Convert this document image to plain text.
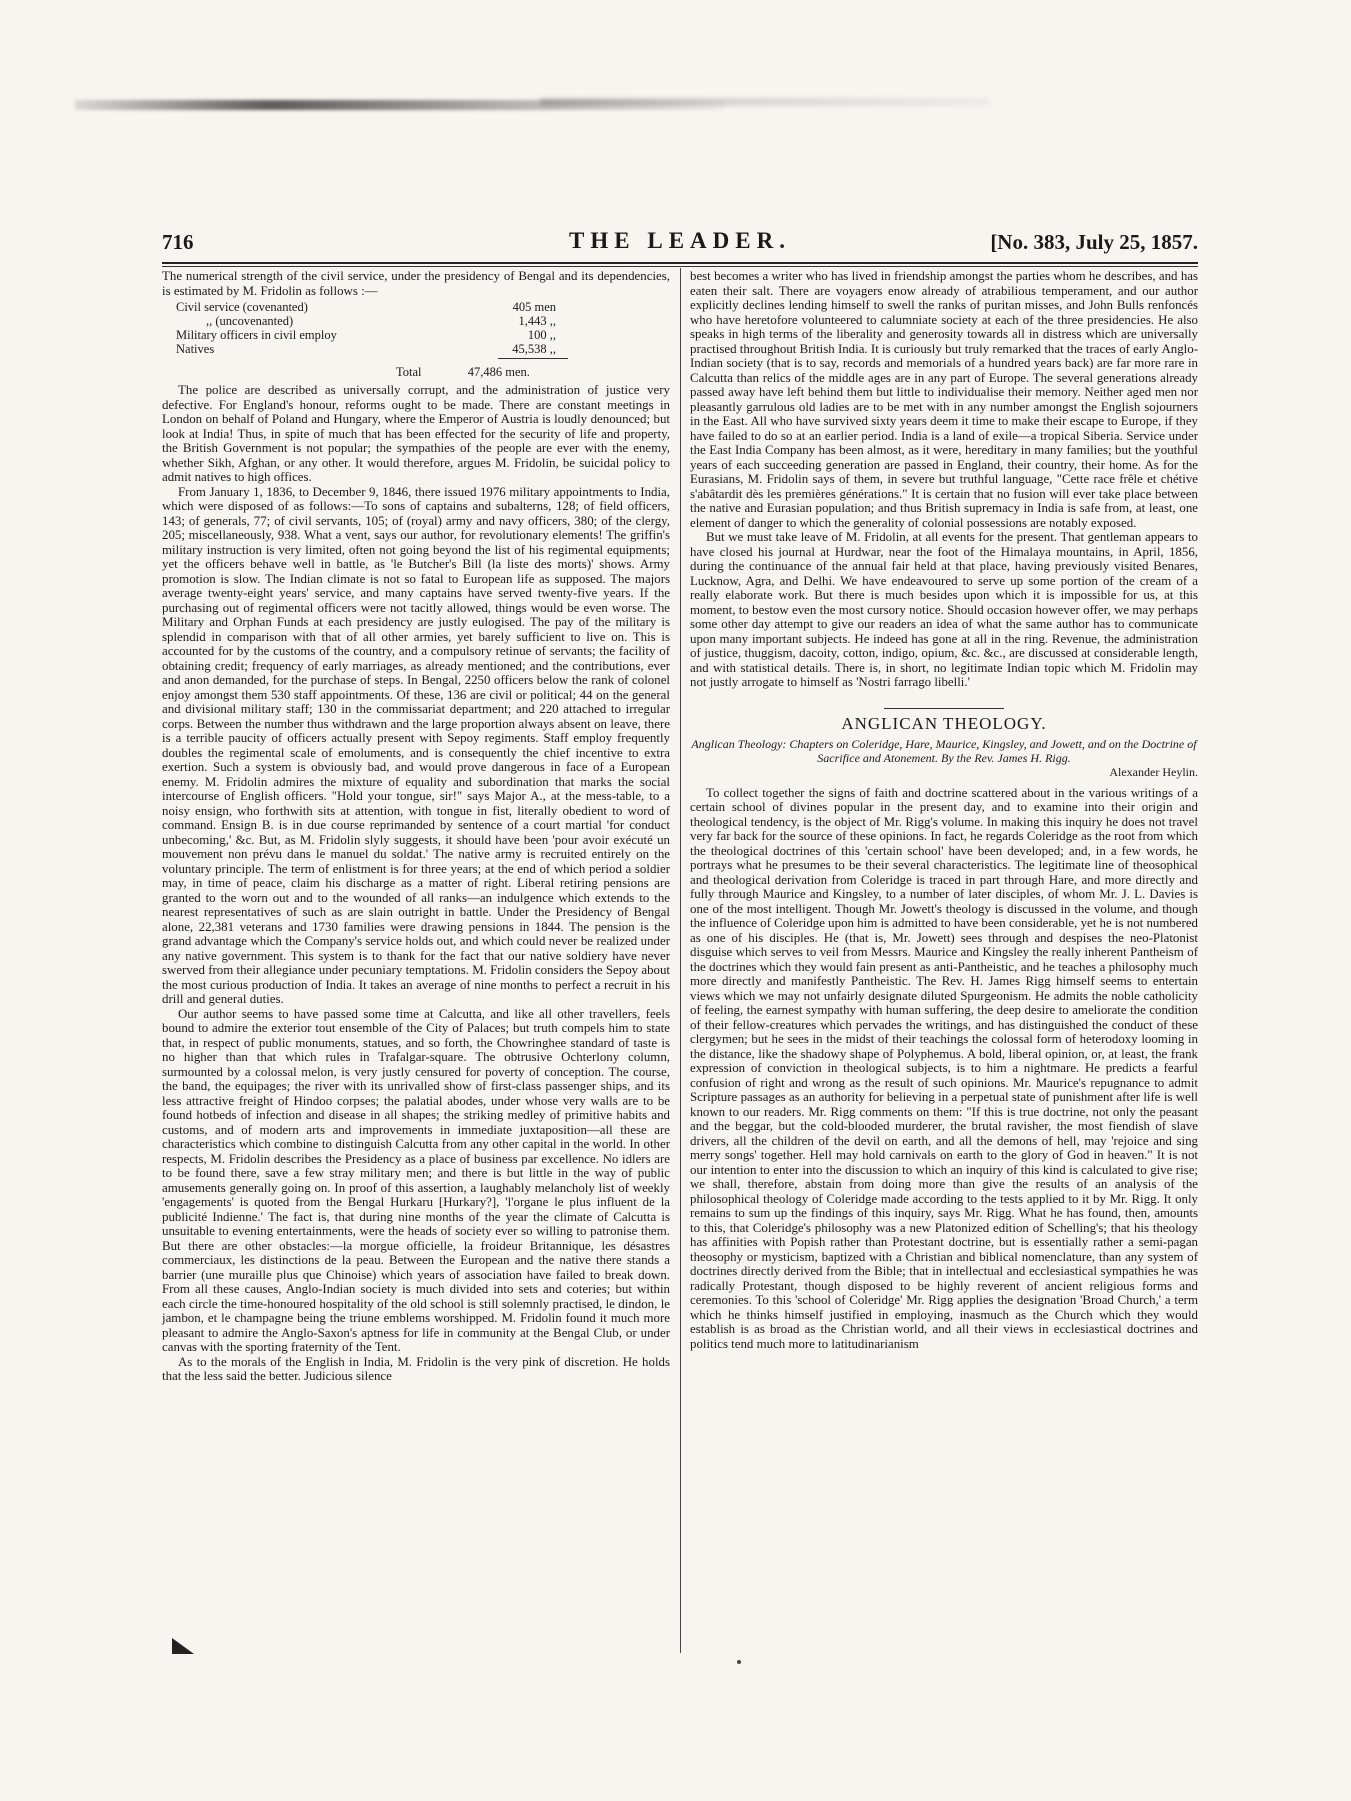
716	THE LEADER.	[No. 383, July 25, 1857.

The numerical strength of the civil service, under the presidency of Bengal and its dependencies, is estimated by M. Fridolin as follows :—

Civil service (covenanted)	405 men
,, (uncovenanted)	1,443 ,,
Military officers in civil employ	100 ,,
Natives	45,538 ,,
Total	47,486 men.

The police are described as universally corrupt, and the administration of justice very defective. For England's honour, reforms ought to be made. There are constant meetings in London on behalf of Poland and Hungary, where the Emperor of Austria is loudly denounced; but look at India! Thus, in spite of much that has been effected for the security of life and property, the British Government is not popular; the sympathies of the people are ever with the enemy, whether Sikh, Afghan, or any other. It would therefore, argues M. Fridolin, be suicidal policy to admit natives to high offices.

From January 1, 1836, to December 9, 1846, there issued 1976 military appointments to India, which were disposed of as follows:—To sons of captains and subalterns, 128; of field officers, 143; of generals, 77; of civil servants, 105; of (royal) army and navy officers, 380; of the clergy, 205; miscellaneously, 938. What a vent, says our author, for revolutionary elements! The griffin's military instruction is very limited, often not going beyond the list of his regimental equipments; yet the officers behave well in battle, as 'le Butcher's Bill (la liste des morts)' shows. Army promotion is slow. The Indian climate is not so fatal to European life as supposed. The majors average twenty-eight years' service, and many captains have served twenty-five years. If the purchasing out of regimental officers were not tacitly allowed, things would be even worse. The Military and Orphan Funds at each presidency are justly eulogised. The pay of the military is splendid in comparison with that of all other armies, yet barely sufficient to live on. This is accounted for by the customs of the country, and a compulsory retinue of servants; the facility of obtaining credit; frequency of early marriages, as already mentioned; and the contributions, ever and anon demanded, for the purchase of steps. In Bengal, 2250 officers below the rank of colonel enjoy amongst them 530 staff appointments. Of these, 136 are civil or political; 44 on the general and divisional military staff; 130 in the commissariat department; and 220 attached to irregular corps. Between the number thus withdrawn and the large proportion always absent on leave, there is a terrible paucity of officers actually present with Sepoy regiments. Staff employ frequently doubles the regimental scale of emoluments, and is consequently the chief incentive to extra exertion. Such a system is obviously bad, and would prove dangerous in face of a European enemy. M. Fridolin admires the mixture of equality and subordination that marks the social intercourse of English officers. "Hold your tongue, sir!" says Major A., at the mess-table, to a noisy ensign, who forthwith sits at attention, with tongue in fist, literally obedient to word of command. Ensign B. is in due course reprimanded by sentence of a court martial 'for conduct unbecoming,' &c. But, as M. Fridolin slyly suggests, it should have been 'pour avoir exécuté un mouvement non prévu dans le manuel du soldat.' The native army is recruited entirely on the voluntary principle. The term of enlistment is for three years; at the end of which period a soldier may, in time of peace, claim his discharge as a matter of right. Liberal retiring pensions are granted to the worn out and to the wounded of all ranks—an indulgence which extends to the nearest representatives of such as are slain outright in battle. Under the Presidency of Bengal alone, 22,381 veterans and 1730 families were drawing pensions in 1844. The pension is the grand advantage which the Company's service holds out, and which could never be realized under any native government. This system is to thank for the fact that our native soldiery have never swerved from their allegiance under pecuniary temptations. M. Fridolin considers the Sepoy about the most curious production of India. It takes an average of nine months to perfect a recruit in his drill and general duties.

Our author seems to have passed some time at Calcutta, and like all other travellers, feels bound to admire the exterior tout ensemble of the City of Palaces; but truth compels him to state that, in respect of public monuments, statues, and so forth, the Chowringhee standard of taste is no higher than that which rules in Trafalgar-square. The obtrusive Ochterlony column, surmounted by a colossal melon, is very justly censured for poverty of conception. The course, the band, the equipages; the river with its unrivalled show of first-class passenger ships, and its less attractive freight of Hindoo corpses; the palatial abodes, under whose very walls are to be found hotbeds of infection and disease in all shapes; the striking medley of primitive habits and customs, and of modern arts and improvements in immediate juxtaposition—all these are characteristics which combine to distinguish Calcutta from any other capital in the world. In other respects, M. Fridolin describes the Presidency as a place of business par excellence. No idlers are to be found there, save a few stray military men; and there is but little in the way of public amusements generally going on. In proof of this assertion, a laughably melancholy list of weekly 'engagements' is quoted from the Bengal Hurkaru [Hurkary?], 'l'organe le plus influent de la publicité Indienne.' The fact is, that during nine months of the year the climate of Calcutta is unsuitable to evening entertainments, were the heads of society ever so willing to patronise them. But there are other obstacles:—la morgue officielle, la froideur Britannique, les désastres commerciaux, les distinctions de la peau. Between the European and the native there stands a barrier (une muraille plus que Chinoise) which years of association have failed to break down. From all these causes, Anglo-Indian society is much divided into sets and coteries; but within each circle the time-honoured hospitality of the old school is still solemnly practised, le dindon, le jambon, et le champagne being the triune emblems worshipped. M. Fridolin found it much more pleasant to admire the Anglo-Saxon's aptness for life in community at the Bengal Club, or under canvas with the sporting fraternity of the Tent.

As to the morals of the English in India, M. Fridolin is the very pink of discretion. He holds that the less said the better. Judicious silence

best becomes a writer who has lived in friendship amongst the parties whom he describes, and has eaten their salt. There are voyagers enow already of atrabilious temperament, and our author explicitly declines lending himself to swell the ranks of puritan misses, and John Bulls renfoncés who have heretofore volunteered to calumniate society at each of the three presidencies. He also speaks in high terms of the liberality and generosity towards all in distress which are universally practised throughout British India. It is curiously but truly remarked that the traces of early Anglo-Indian society (that is to say, records and memorials of a hundred years back) are far more rare in Calcutta than relics of the middle ages are in any part of Europe. The several generations already passed away have left behind them but little to individualise their memory. Neither aged men nor pleasantly garrulous old ladies are to be met with in any number amongst the English sojourners in the East. All who have survived sixty years deem it time to make their escape to Europe, if they have failed to do so at an earlier period. India is a land of exile—a tropical Siberia. Service under the East India Company has been almost, as it were, hereditary in many families; but the youthful years of each succeeding generation are passed in England, their country, their home. As for the Eurasians, M. Fridolin says of them, in severe but truthful language, "Cette race frêle et chétive s'abâtardit dès les premières générations." It is certain that no fusion will ever take place between the native and Eurasian population; and thus British supremacy in India is safe from, at least, one element of danger to which the generality of colonial possessions are notably exposed.

But we must take leave of M. Fridolin, at all events for the present. That gentleman appears to have closed his journal at Hurdwar, near the foot of the Himalaya mountains, in April, 1856, during the continuance of the annual fair held at that place, having previously visited Benares, Lucknow, Agra, and Delhi. We have endeavoured to serve up some portion of the cream of a really elaborate work. But there is much besides upon which it is impossible for us, at this moment, to bestow even the most cursory notice. Should occasion however offer, we may perhaps some other day attempt to give our readers an idea of what the same author has to communicate upon many important subjects. He indeed has gone at all in the ring. Revenue, the administration of justice, thuggism, dacoity, cotton, indigo, opium, &c. &c., are discussed at considerable length, and with statistical details. There is, in short, no legitimate Indian topic which M. Fridolin may not justly arrogate to himself as 'Nostri farrago libelli.'

ANGLICAN THEOLOGY.
Anglican Theology: Chapters on Coleridge, Hare, Maurice, Kingsley, and Jowett, and on the Doctrine of Sacrifice and Atonement. By the Rev. James H. Rigg.
Alexander Heylin.

To collect together the signs of faith and doctrine scattered about in the various writings of a certain school of divines popular in the present day, and to examine into their origin and theological tendency, is the object of Mr. Rigg's volume. In making this inquiry he does not travel very far back for the source of these opinions. In fact, he regards Coleridge as the root from which the theological doctrines of this 'certain school' have been developed; and, in a few words, he portrays what he presumes to be their several characteristics. The legitimate line of theosophical and theological derivation from Coleridge is traced in part through Hare, and more directly and fully through Maurice and Kingsley, to a number of later disciples, of whom Mr. J. L. Davies is one of the most intelligent. Though Mr. Jowett's theology is discussed in the volume, and though the influence of Coleridge upon him is admitted to have been considerable, yet he is not numbered as one of his disciples. He (that is, Mr. Jowett) sees through and despises the neo-Platonist disguise which serves to veil from Messrs. Maurice and Kingsley the really inherent Pantheism of the doctrines which they would fain present as anti-Pantheistic, and he teaches a philosophy much more directly and manifestly Pantheistic. The Rev. H. James Rigg himself seems to entertain views which we may not unfairly designate diluted Spurgeonism. He admits the noble catholicity of feeling, the earnest sympathy with human suffering, the deep desire to ameliorate the condition of their fellow-creatures which pervades the writings, and has distinguished the conduct of these clergymen; but he sees in the midst of their teachings the colossal form of heterodoxy looming in the distance, like the shadowy shape of Polyphemus. A bold, liberal opinion, or, at least, the frank expression of conviction in theological subjects, is to him a nightmare. He predicts a fearful confusion of right and wrong as the result of such opinions. Mr. Maurice's repugnance to admit Scripture passages as an authority for believing in a perpetual state of punishment after life is well known to our readers. Mr. Rigg comments on them: "If this is true doctrine, not only the peasant and the beggar, but the cold-blooded murderer, the brutal ravisher, the most fiendish of slave drivers, all the children of the devil on earth, and all the demons of hell, may 'rejoice and sing merry songs' together. Hell may hold carnivals on earth to the glory of God in heaven." It is not our intention to enter into the discussion to which an inquiry of this kind is calculated to give rise; we shall, therefore, abstain from doing more than give the results of an analysis of the philosophical theology of Coleridge made according to the tests applied to it by Mr. Rigg. It only remains to sum up the findings of this inquiry, says Mr. Rigg. What he has found, then, amounts to this, that Coleridge's philosophy was a new Platonized edition of Schelling's; that his theology has affinities with Popish rather than Protestant doctrine, but is essentially rather a semi-pagan theosophy or mysticism, baptized with a Christian and biblical nomenclature, than any system of doctrines directly derived from the Bible; that in intellectual and ecclesiastical sympathies he was radically Protestant, though disposed to be highly reverent of ancient religious forms and ceremonies. To this 'school of Coleridge' Mr. Rigg applies the designation 'Broad Church,' a term which he thinks himself justified in employing, inasmuch as the Church which they would establish is as broad as the Christian world, and all their views in ecclesiastical doctrines and politics tend much more to latitudinarianism
